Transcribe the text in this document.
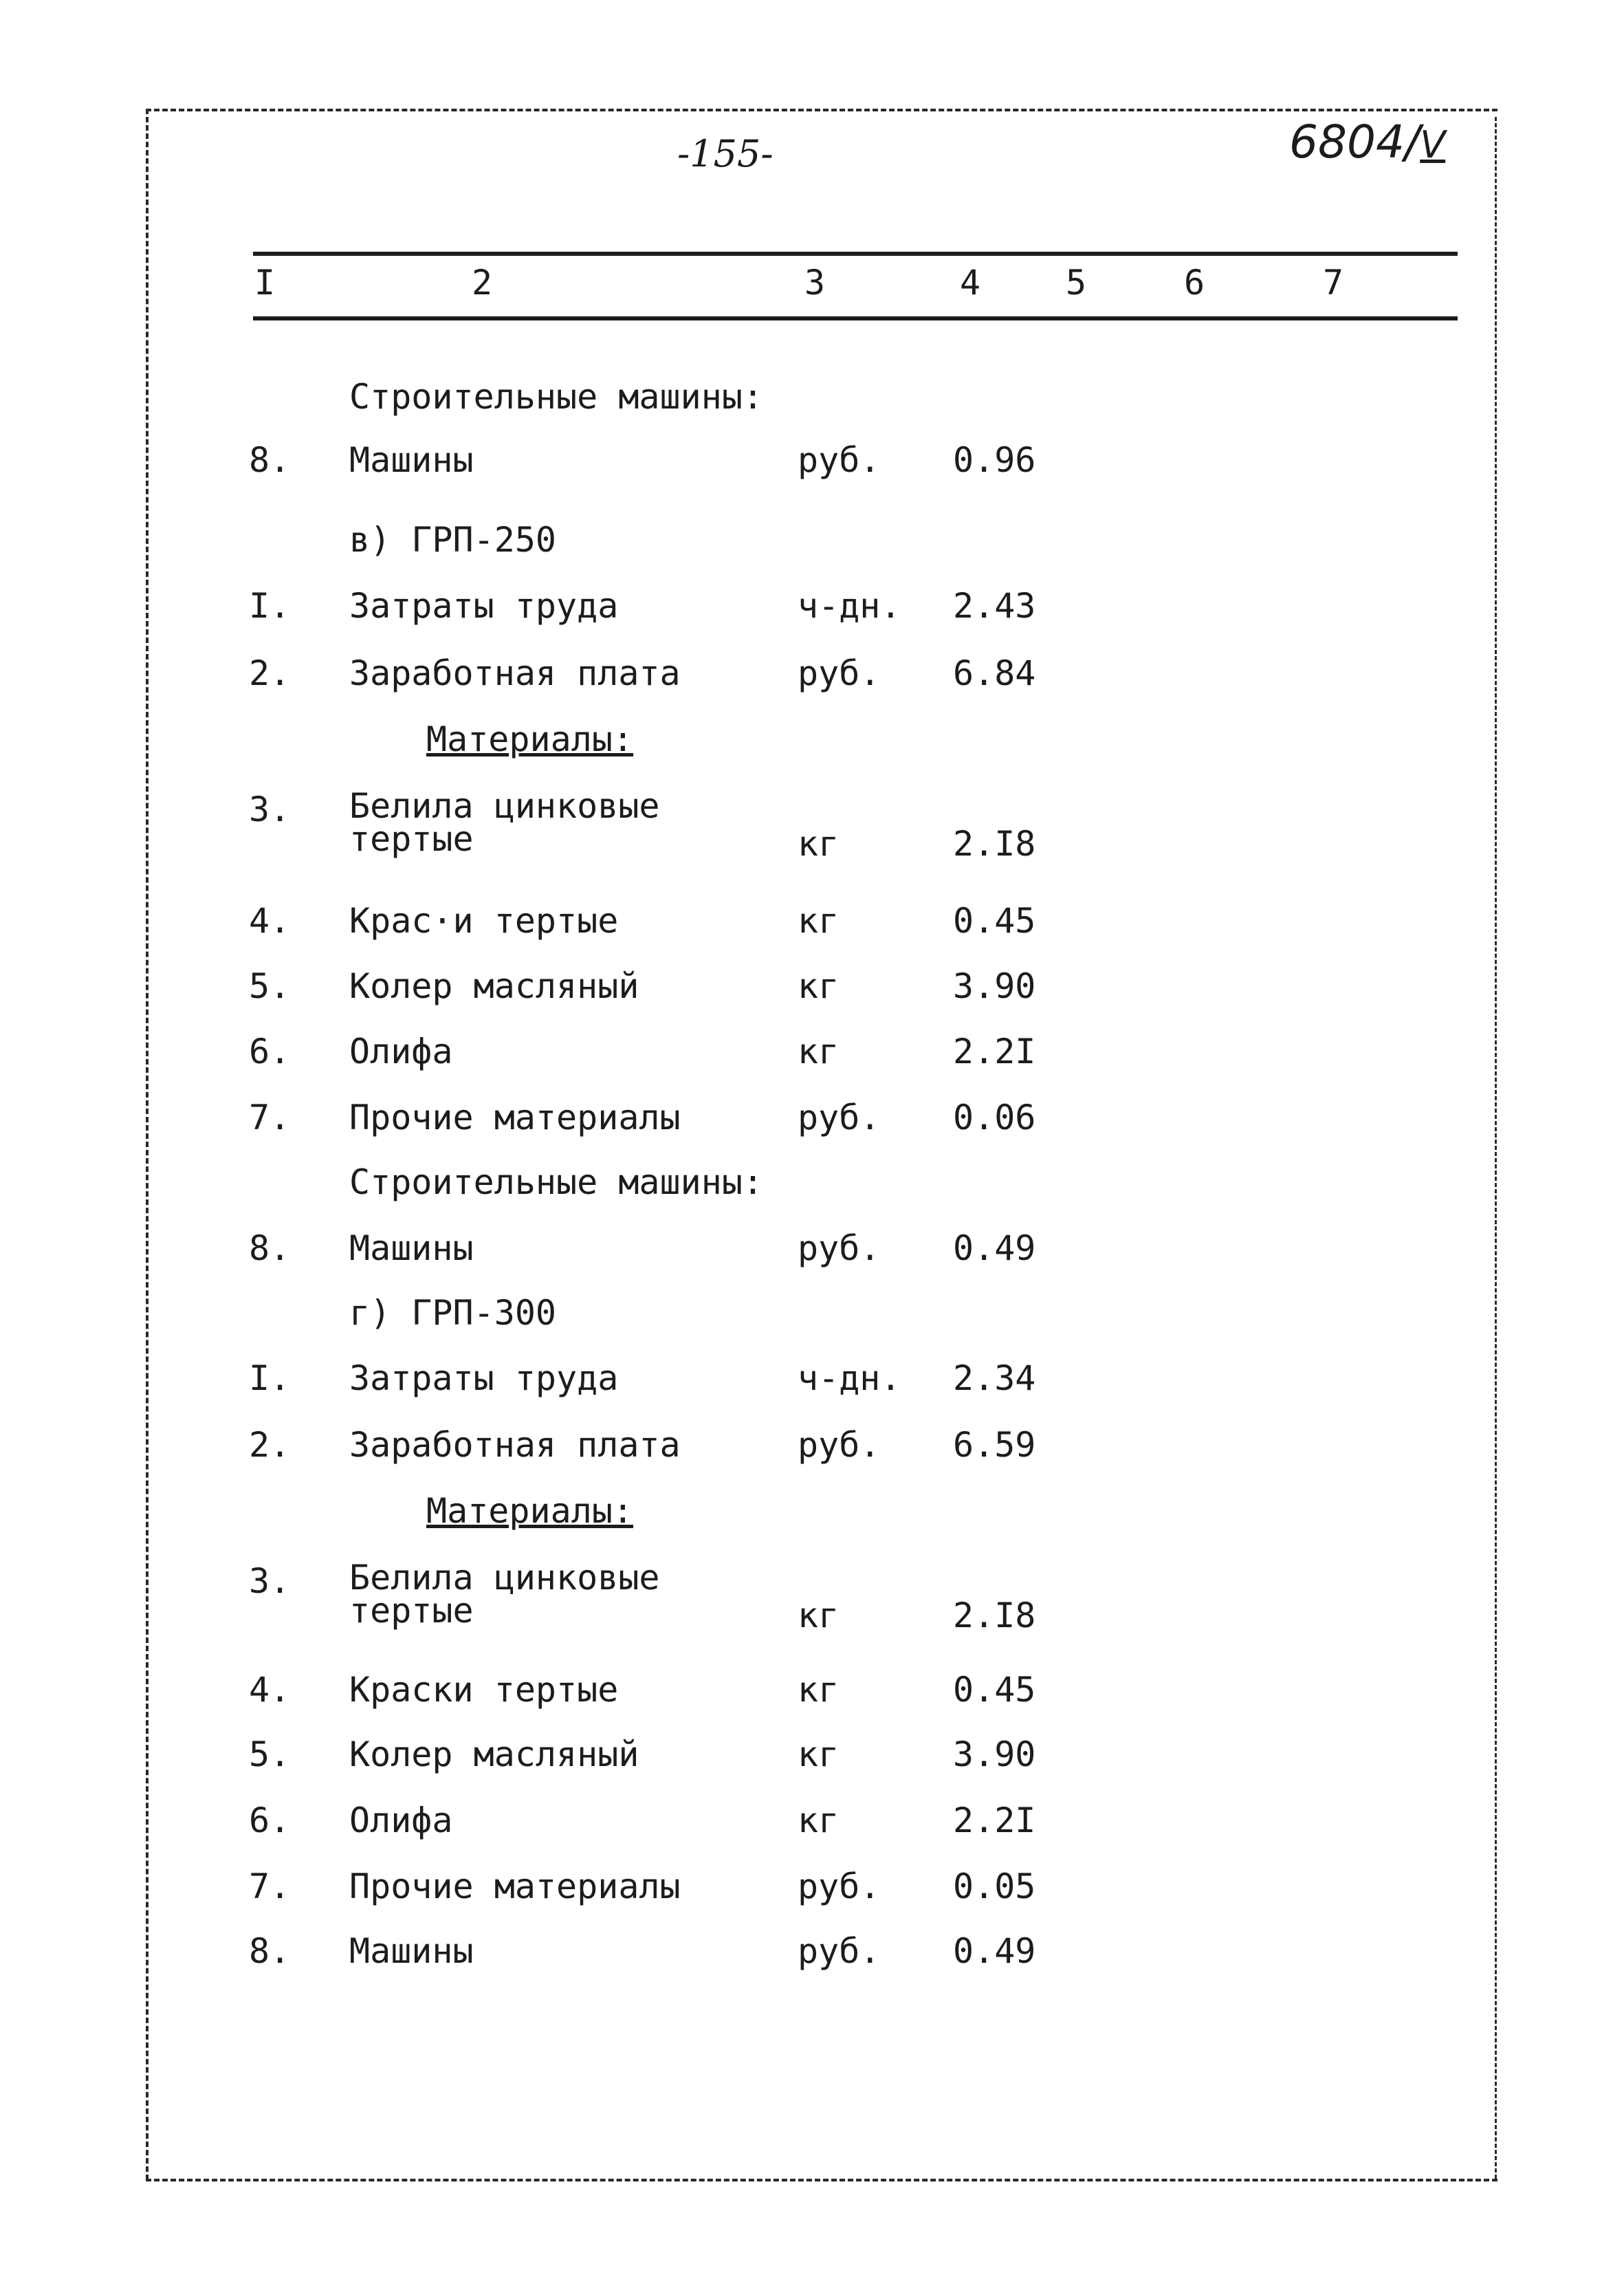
-155-	6804/V
I	2	3	4 5	6	7
Строительные машины:
8. Машины	руб. 0.96
в) ГРП-250
I. Затраты труда	ч-дн. 2.43
2. Заработная плата	руб. 6.84
Материалы:
3. Белила цинковые
тертые	кг	2.I8
4. Крас·и тертые	кг	0.45
5. Колер масляный	кг	3.90
6. Олифа	кг	2.2I
7. Прочие материалы	руб. 0.06
Строительные машины:
8. Машины	руб. 0.49
г) ГРП-300
I. Затраты труда	ч-дн. 2.34
2. Заработная плата	руб. 6.59
Материалы:
3. Белила цинковые
тертые	кг	2.I8
4. Краски тертые	кг	0.45
5. Колер масляный	кг	3.90
6. Олифа	кг	2.2I
7. Прочие материалы	руб. 0.05
8. Машины	руб. 0.49
